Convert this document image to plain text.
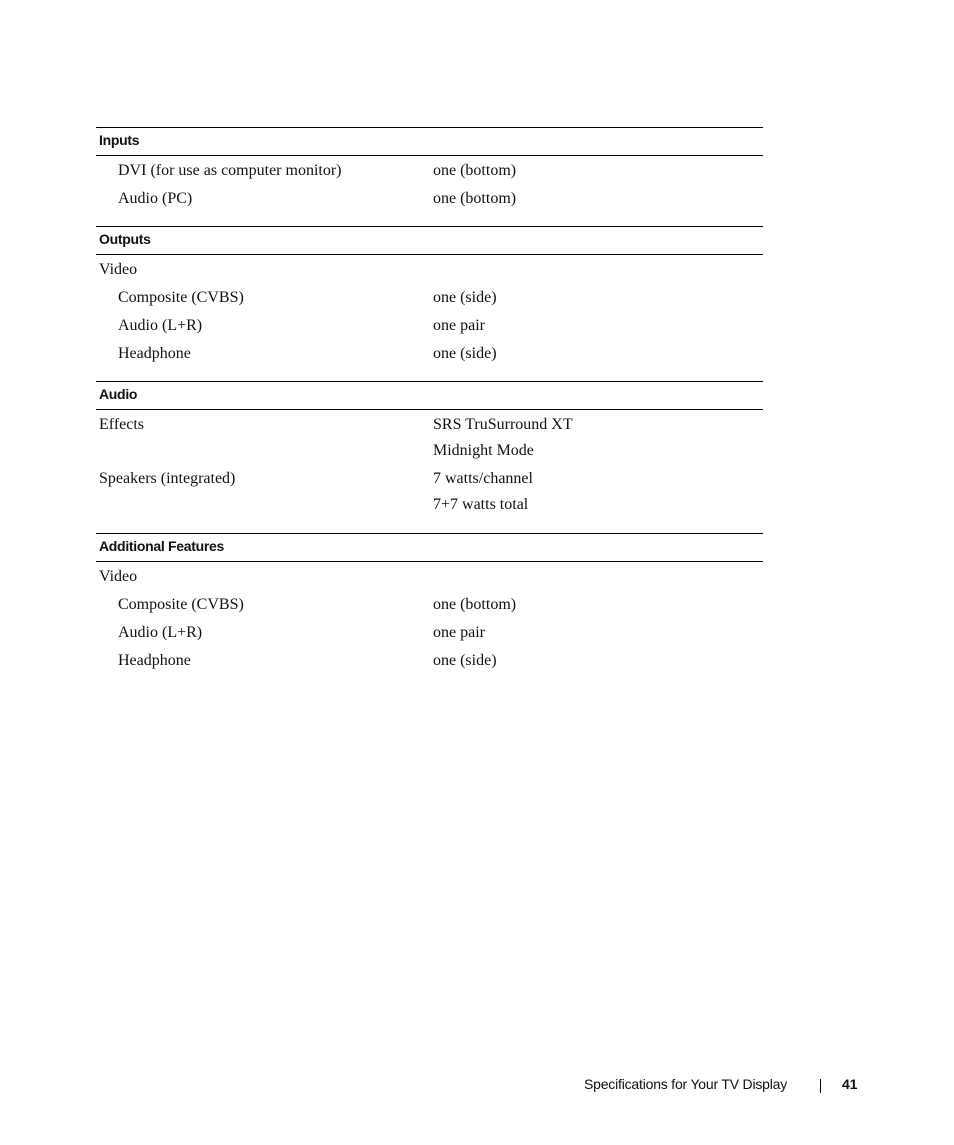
Inputs
DVI (for use as computer monitor)	one (bottom)
Audio (PC)	one (bottom)
Outputs
Video
Composite (CVBS)	one (side)
Audio (L+R)	one pair
Headphone	one (side)
Audio
Effects	SRS TruSurround XT
Midnight Mode
Speakers (integrated)	7 watts/channel
7+7 watts total
Additional Features
Video
Composite (CVBS)	one (bottom)
Audio (L+R)	one pair
Headphone	one (side)
Specifications for Your TV Display	41
